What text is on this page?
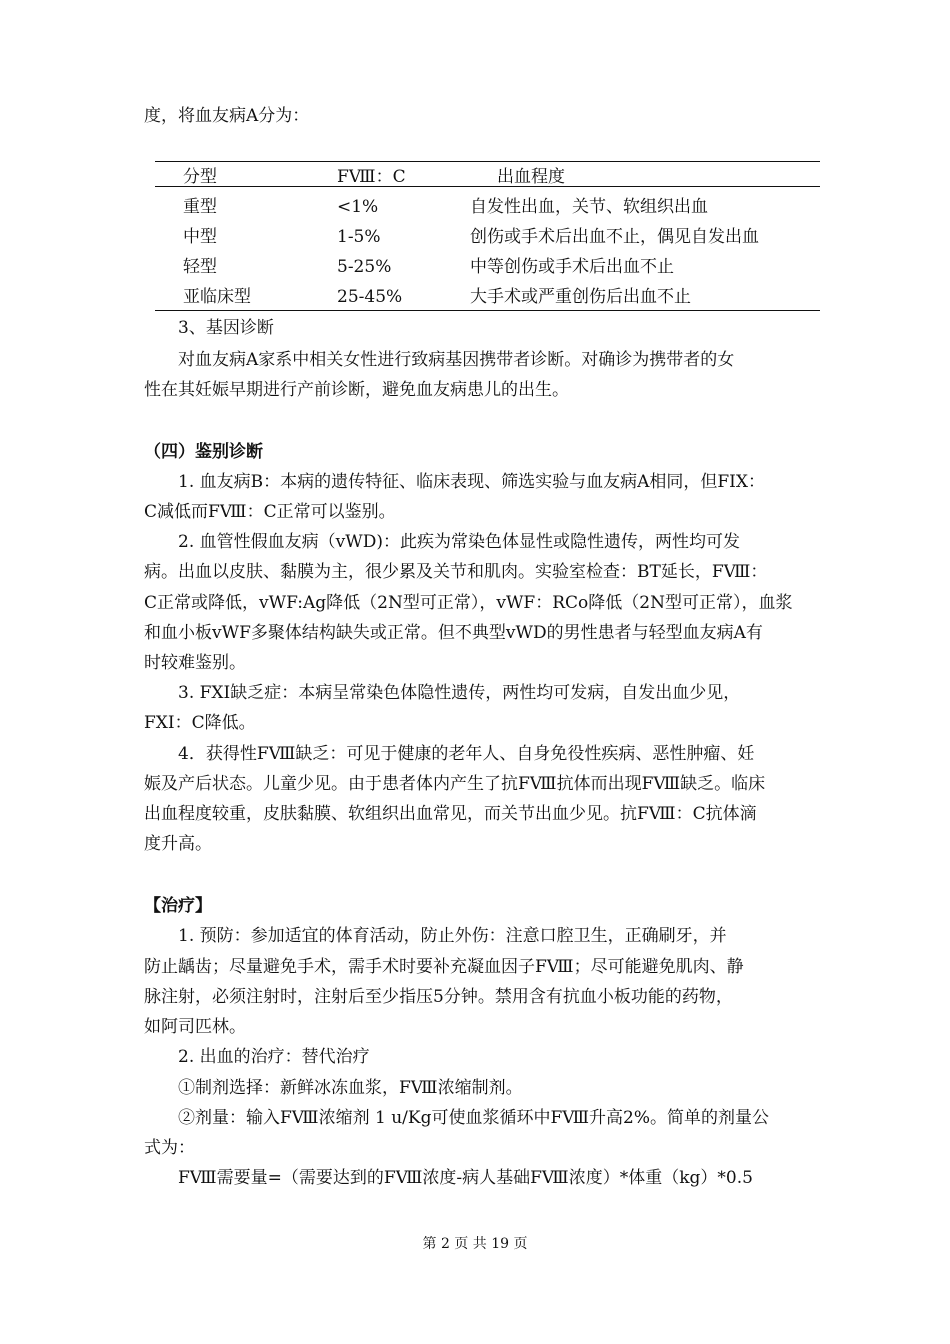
度，将血友病A分为：
分型	FⅧ：C	出血程度
重型	<1%	自发性出血，关节、软组织出血
中型	1-5%	创伤或手术后出血不止，偶见自发出血
轻型	5-25%	中等创伤或手术后出血不止
亚临床型	25-45%	大手术或严重创伤后出血不止
3、基因诊断
对血友病A家系中相关女性进行致病基因携带者诊断。对确诊为携带者的女
性在其妊娠早期进行产前诊断，避免血友病患儿的出生。
（四）鉴别诊断
1. 血友病B：本病的遗传特征、临床表现、筛选实验与血友病A相同，但FIX：
C减低而FⅧ：C正常可以鉴别。
2. 血管性假血友病（vWD)：此疾为常染色体显性或隐性遗传，两性均可发
病。出血以皮肤、黏膜为主，很少累及关节和肌肉。实验室检查：BT延长，FⅧ：
C正常或降低，vWF:Ag降低（2N型可正常），vWF：RCo降低（2N型可正常），血浆
和血小板vWF多聚体结构缺失或正常。但不典型vWD的男性患者与轻型血友病A有
时较难鉴别。
3. FXI缺乏症：本病呈常染色体隐性遗传，两性均可发病，自发出血少见，
FXI：C降低。
4．获得性FⅧ缺乏：可见于健康的老年人、自身免役性疾病、恶性肿瘤、妊
娠及产后状态。儿童少见。由于患者体内产生了抗FⅧ抗体而出现FⅧ缺乏。临床
出血程度较重，皮肤黏膜、软组织出血常见，而关节出血少见。抗FⅧ：C抗体滴
度升高。
【治疗】
1. 预防：参加适宜的体育活动，防止外伤：注意口腔卫生，正确刷牙，并
防止龋齿；尽量避免手术，需手术时要补充凝血因子FⅧ；尽可能避免肌肉、静
脉注射，必须注射时，注射后至少指压5分钟。禁用含有抗血小板功能的药物，
如阿司匹林。
2. 出血的治疗：替代治疗
①制剂选择：新鲜冰冻血浆，FⅧ浓缩制剂。
②剂量：输入FⅧ浓缩剂 1 u/Kg可使血浆循环中FⅧ升高2%。简单的剂量公
式为：
FⅧ需要量=（需要达到的FⅧ浓度-病人基础FⅧ浓度）*体重（kg）*0.5
第 2 页 共 19 页
